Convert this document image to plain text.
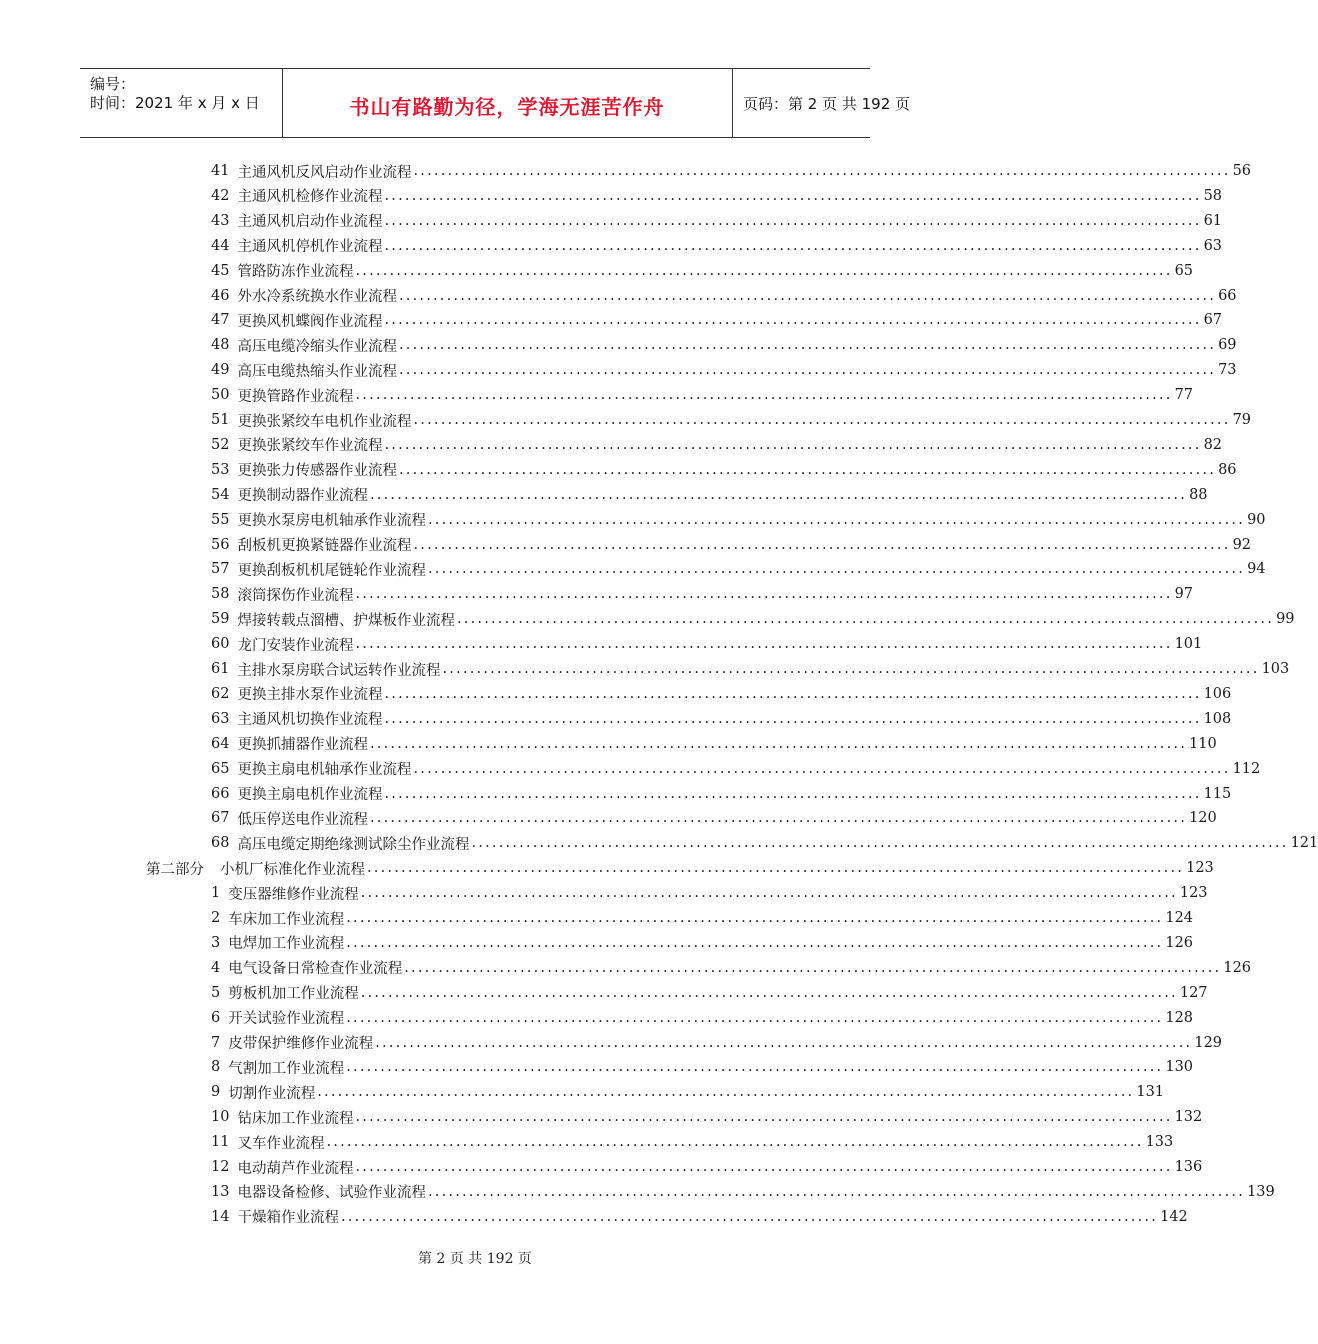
编号：
时间：2021 年 x 月 x 日	书山有路勤为径，学海无涯苦作舟	页码：第 2 页 共 192 页
41 主通风机反风启动作业流程 ........................................................................................................................ 56
42 主通风机检修作业流程 ........................................................................................................................ 58
43 主通风机启动作业流程 ........................................................................................................................ 61
44 主通风机停机作业流程 ........................................................................................................................ 63
45 管路防冻作业流程 ........................................................................................................................ 65
46 外水冷系统换水作业流程 ........................................................................................................................ 66
47 更换风机蝶阀作业流程 ........................................................................................................................ 67
48 高压电缆冷缩头作业流程 ........................................................................................................................ 69
49 高压电缆热缩头作业流程 ........................................................................................................................ 73
50 更换管路作业流程 ........................................................................................................................ 77
51 更换张紧绞车电机作业流程 ........................................................................................................................ 79
52 更换张紧绞车作业流程 ........................................................................................................................ 82
53 更换张力传感器作业流程 ........................................................................................................................ 86
54 更换制动器作业流程 ........................................................................................................................ 88
55 更换水泵房电机轴承作业流程 ........................................................................................................................ 90
56 刮板机更换紧链器作业流程 ........................................................................................................................ 92
57 更换刮板机机尾链轮作业流程 ........................................................................................................................ 94
58 滚筒探伤作业流程 ........................................................................................................................ 97
59 焊接转载点溜槽、护煤板作业流程 ........................................................................................................................ 99
60 龙门安装作业流程 ........................................................................................................................ 101
61 主排水泵房联合试运转作业流程 ........................................................................................................................ 103
62 更换主排水泵作业流程 ........................................................................................................................ 106
63 主通风机切换作业流程 ........................................................................................................................ 108
64 更换抓捕器作业流程 ........................................................................................................................ 110
65 更换主扇电机轴承作业流程 ........................................................................................................................ 112
66 更换主扇电机作业流程 ........................................................................................................................ 115
67 低压停送电作业流程 ........................................................................................................................ 120
68 高压电缆定期绝缘测试除尘作业流程 ........................................................................................................................ 121
第二部分 小机厂标准化作业流程 ........................................................................................................................ 123
1 变压器维修作业流程 ........................................................................................................................ 123
2 车床加工作业流程 ........................................................................................................................ 124
3 电焊加工作业流程 ........................................................................................................................ 126
4 电气设备日常检查作业流程 ........................................................................................................................ 126
5 剪板机加工作业流程 ........................................................................................................................ 127
6 开关试验作业流程 ........................................................................................................................ 128
7 皮带保护维修作业流程 ........................................................................................................................ 129
8 气割加工作业流程 ........................................................................................................................ 130
9 切割作业流程 ........................................................................................................................ 131
10 钻床加工作业流程 ........................................................................................................................ 132
11 叉车作业流程 ........................................................................................................................ 133
12 电动葫芦作业流程 ........................................................................................................................ 136
13 电器设备检修、试验作业流程 ........................................................................................................................ 139
14 干燥箱作业流程 ........................................................................................................................ 142
第 2 页 共 192 页
